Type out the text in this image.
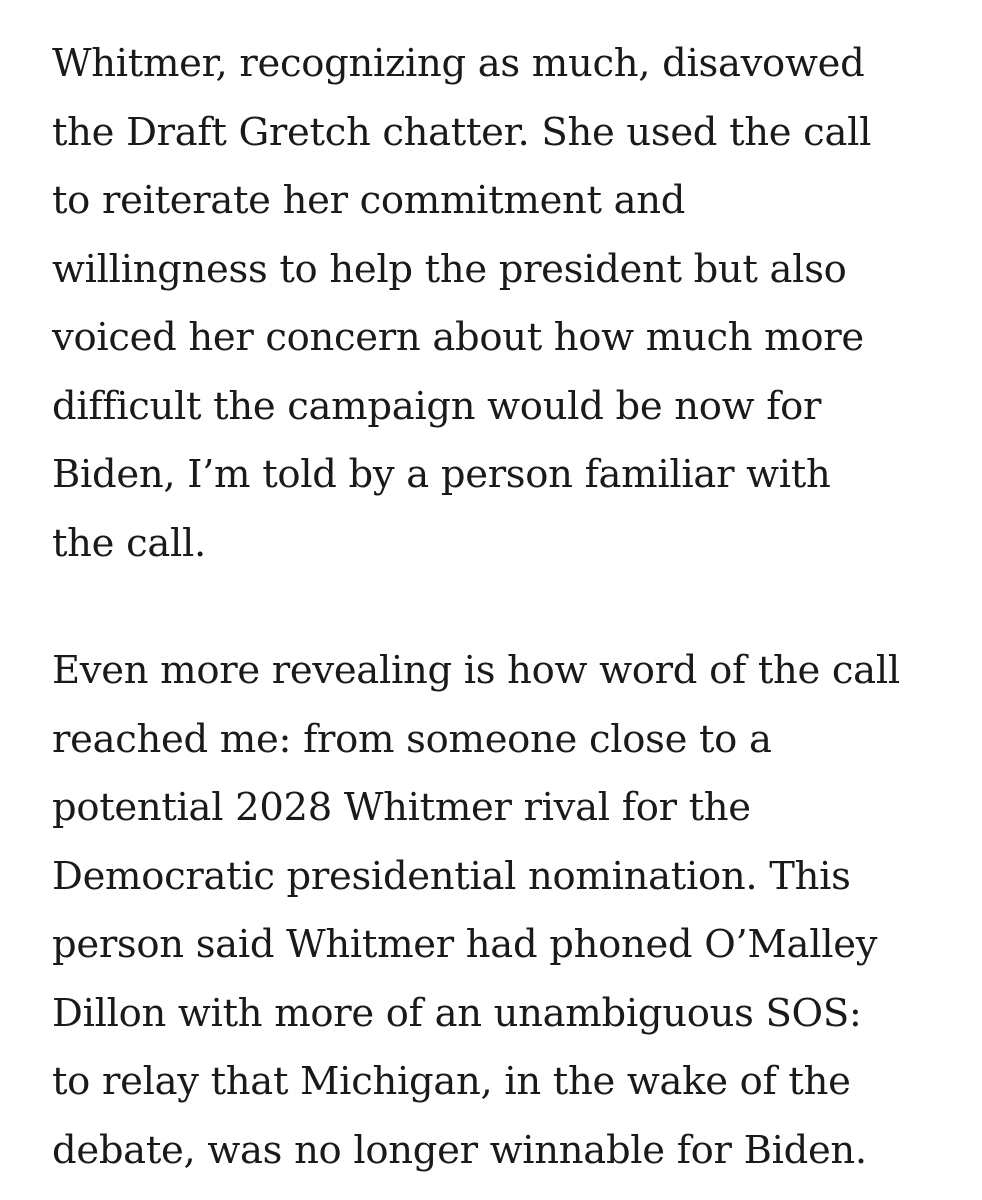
Whitmer, recognizing as much, disavowed
the Draft Gretch chatter. She used the call
to reiterate her commitment and
willingness to help the president but also
voiced her concern about how much more
difficult the campaign would be now for
Biden, I’m told by a person familiar with
the call.

Even more revealing is how word of the call
reached me: from someone close to a
potential 2028 Whitmer rival for the
Democratic presidential nomination. This
person said Whitmer had phoned O’Malley
Dillon with more of an unambiguous SOS:
to relay that Michigan, in the wake of the
debate, was no longer winnable for Biden.
